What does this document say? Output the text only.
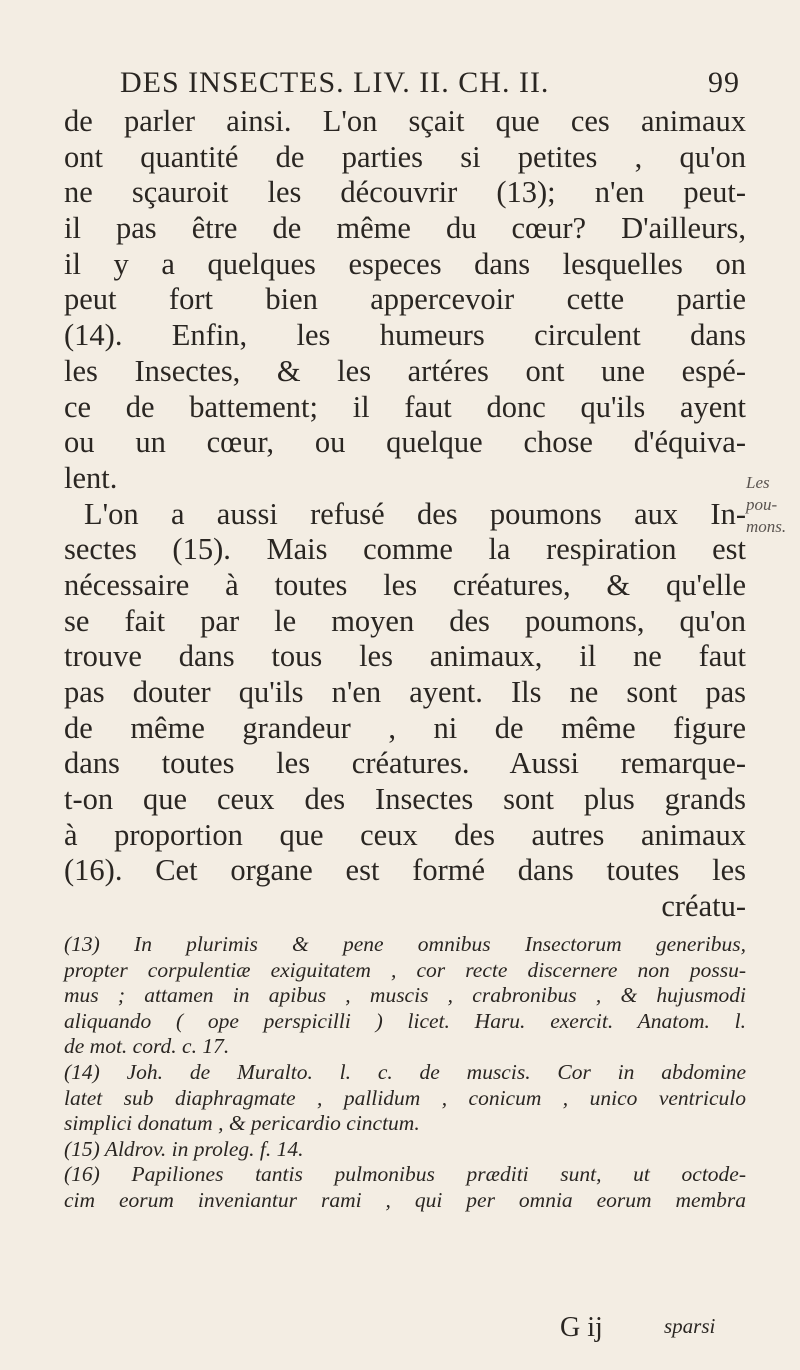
DES INSECTES. LIV. II. CH. II.	99
de parler ainsi. L'on sçait que ces animaux
ont quantité de parties si petites , qu'on
ne sçauroit les découvrir (13); n'en peut-
il pas être de même du cœur? D'ailleurs,
il y a quelques especes dans lesquelles on
peut fort bien appercevoir cette partie
(14). Enfin, les humeurs circulent dans
les Insectes, & les artéres ont une espé-
ce de battement; il faut donc qu'ils ayent
ou un cœur, ou quelque chose d'équiva-
lent.
L'on a aussi refusé des poumons aux In-
sectes (15). Mais comme la respiration est
nécessaire à toutes les créatures, & qu'elle
se fait par le moyen des poumons, qu'on
trouve dans tous les animaux, il ne faut
pas douter qu'ils n'en ayent. Ils ne sont pas
de même grandeur , ni de même figure
dans toutes les créatures. Aussi remarque-
t-on que ceux des Insectes sont plus grands
à proportion que ceux des autres animaux
(16). Cet organe est formé dans toutes les
créatu-
Les pou-
mons.
(13) In plurimis & pene omnibus Insectorum generibus,
propter corpulentiæ exiguitatem , cor recte discernere non possu-
mus ; attamen in apibus , muscis , crabronibus , & hujusmodi
aliquando ( ope perspicilli ) licet. Haru. exercit. Anatom. l.
de mot. cord. c. 17.
(14) Joh. de Muralto. l. c. de muscis. Cor in abdomine
latet sub diaphragmate , pallidum , conicum , unico ventriculo
simplici donatum , & pericardio cinctum.
(15) Aldrov. in proleg. f. 14.
(16) Papiliones tantis pulmonibus præditi sunt, ut octode-
cim eorum inveniantur rami , qui per omnia eorum membra
G ij	sparsi
